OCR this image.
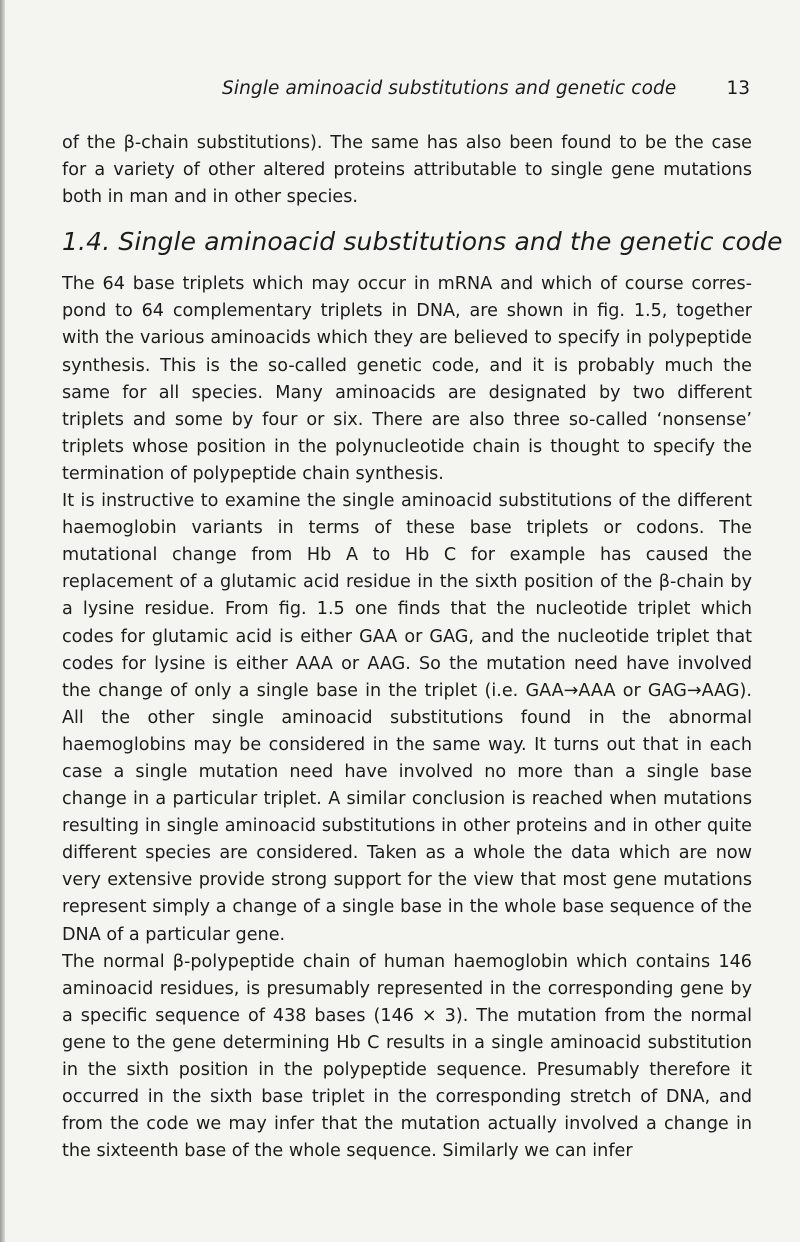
Single aminoacid substitutions and genetic code	13

of the β-chain substitutions). The same has also been found to be the case for a variety of other altered proteins attributable to single gene mutations both in man and in other species.

1.4. Single aminoacid substitutions and the genetic code

The 64 base triplets which may occur in mRNA and which of course correspond to 64 complementary triplets in DNA, are shown in fig. 1.5, together with the various aminoacids which they are believed to specify in polypeptide synthesis. This is the so-called genetic code, and it is probably much the same for all species. Many aminoacids are designated by two different triplets and some by four or six. There are also three so-called ‘nonsense’ triplets whose position in the polynucleotide chain is thought to specify the termination of polypeptide chain synthesis.

It is instructive to examine the single aminoacid substitutions of the different haemoglobin variants in terms of these base triplets or codons. The mutational change from Hb A to Hb C for example has caused the replacement of a glutamic acid residue in the sixth position of the β-chain by a lysine residue. From fig. 1.5 one finds that the nucleotide triplet which codes for glutamic acid is either GAA or GAG, and the nucleotide triplet that codes for lysine is either AAA or AAG. So the mutation need have involved the change of only a single base in the triplet (i.e. GAA→AAA or GAG→AAG). All the other single aminoacid substitutions found in the abnormal haemoglobins may be considered in the same way. It turns out that in each case a single mutation need have involved no more than a single base change in a particular triplet. A similar conclusion is reached when mutations resulting in single aminoacid substitutions in other proteins and in other quite different species are considered. Taken as a whole the data which are now very extensive provide strong support for the view that most gene mutations represent simply a change of a single base in the whole base sequence of the DNA of a particular gene.

The normal β-polypeptide chain of human haemoglobin which contains 146 aminoacid residues, is presumably represented in the corresponding gene by a specific sequence of 438 bases (146 × 3). The mutation from the normal gene to the gene determining Hb C results in a single aminoacid substitution in the sixth position in the polypeptide sequence. Presumably therefore it occurred in the sixth base triplet in the corresponding stretch of DNA, and from the code we may infer that the mutation actually involved a change in the sixteenth base of the whole sequence. Similarly we can infer
